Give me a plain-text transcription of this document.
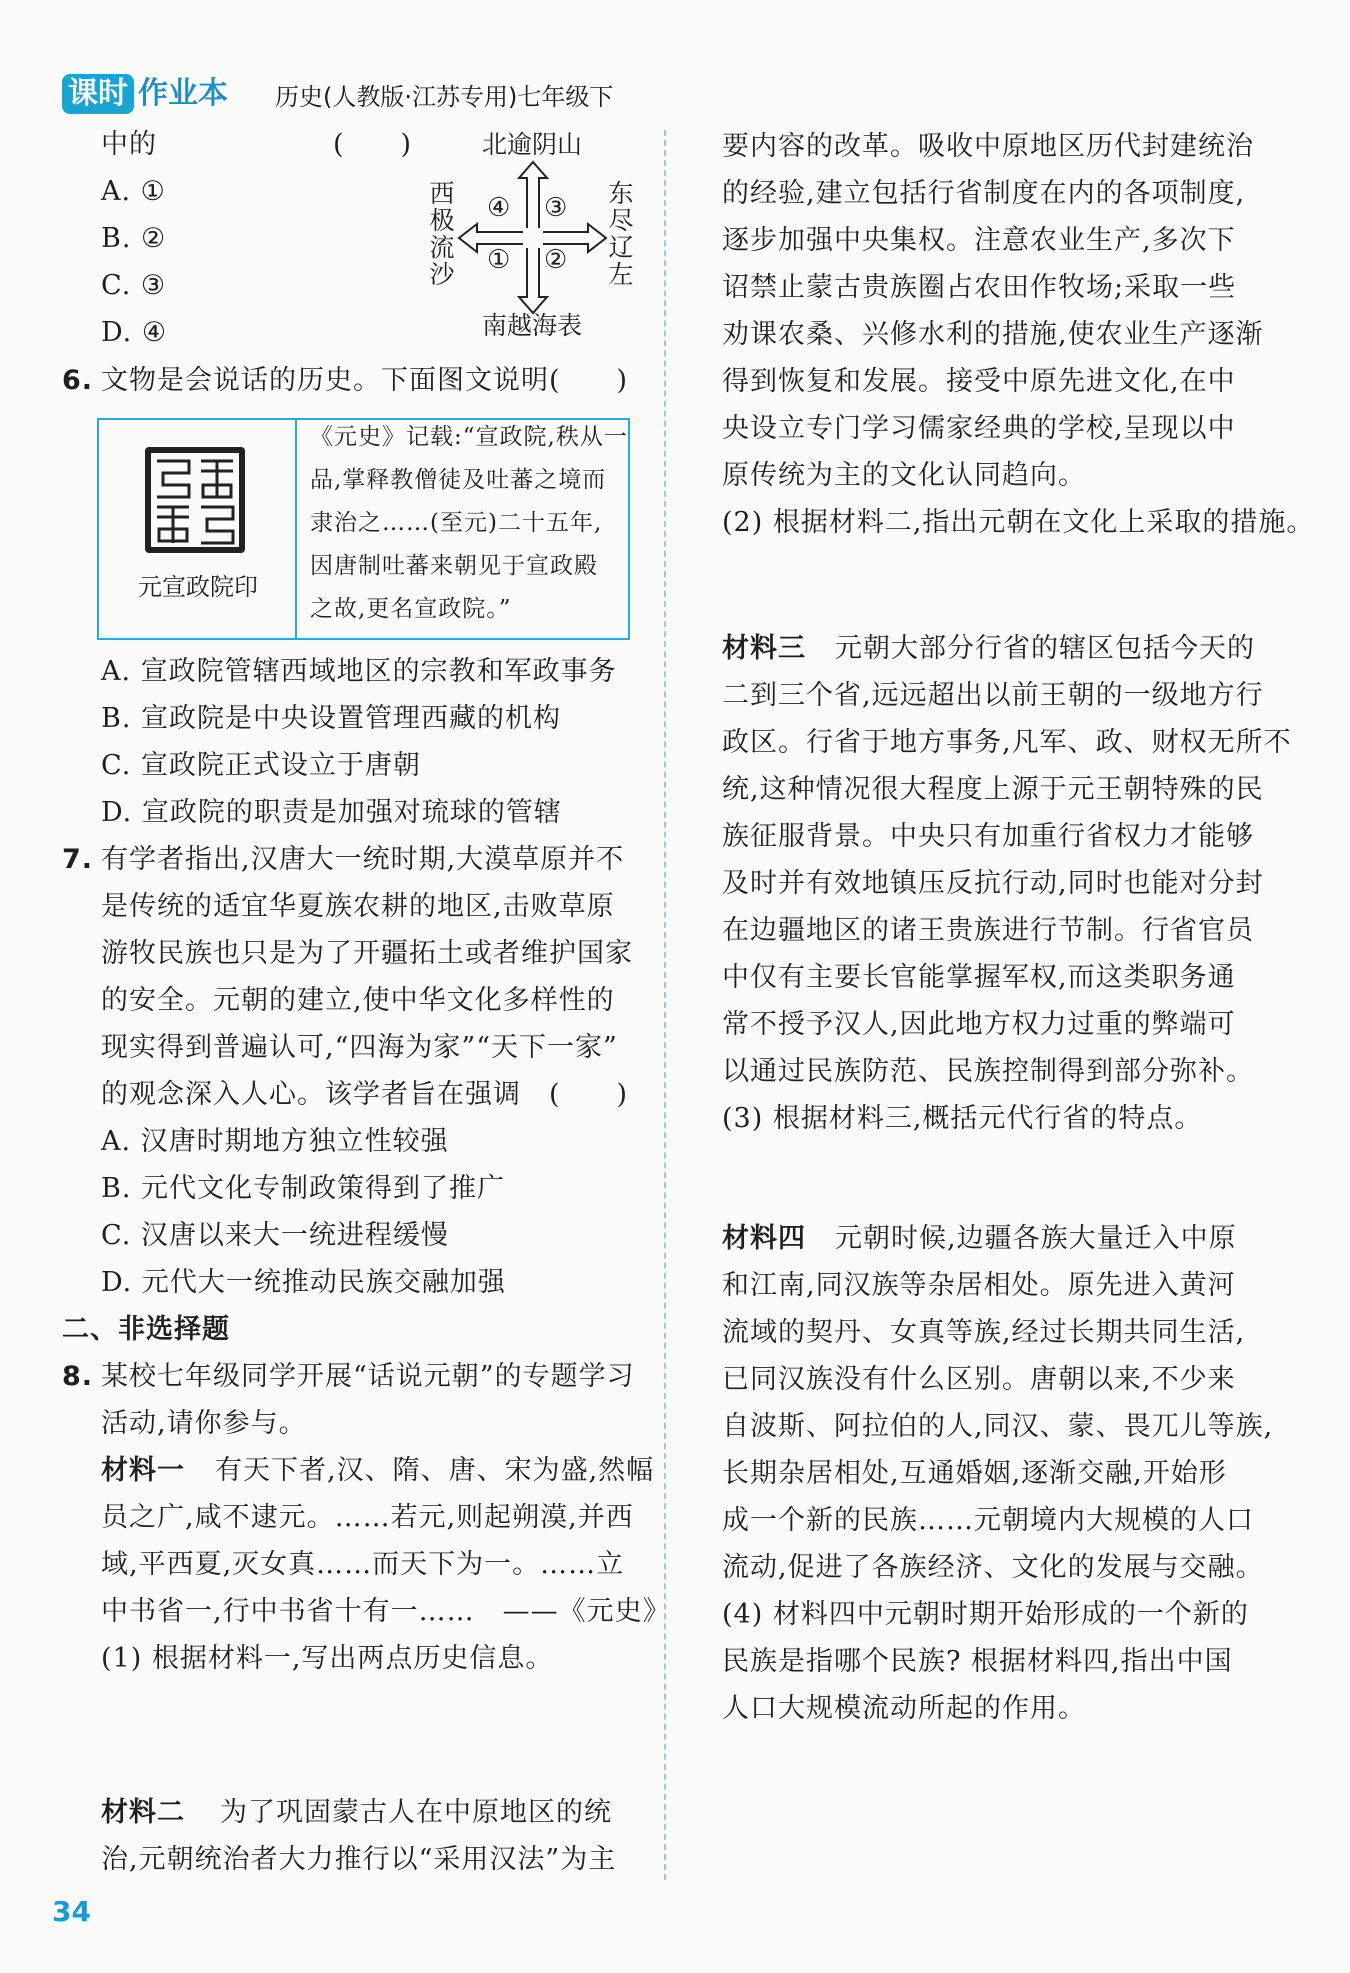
课时 作业本	历史(人教版·江苏专用)七年级下
中的	(　　)
A. ①
B. ②
C. ③
D. ④
北逾阴山
南越海表
西
极
流
沙
东
尽
辽
左
④ ③
① ②
6. 文物是会说话的历史。下面图文说明(　　)
元宣政院印
《元史》记载:“宣政院,秩从一
品,掌释教僧徒及吐蕃之境而
隶治之……(至元)二十五年,
因唐制吐蕃来朝见于宣政殿
之故,更名宣政院。”
A. 宣政院管辖西域地区的宗教和军政事务
B. 宣政院是中央设置管理西藏的机构
C. 宣政院正式设立于唐朝
D. 宣政院的职责是加强对琉球的管辖
7. 有学者指出,汉唐大一统时期,大漠草原并不
是传统的适宜华夏族农耕的地区,击败草原
游牧民族也只是为了开疆拓土或者维护国家
的安全。元朝的建立,使中华文化多样性的
现实得到普遍认可,“四海为家”“天下一家”
的观念深入人心。该学者旨在强调　(　　)
A. 汉唐时期地方独立性较强
B. 元代文化专制政策得到了推广
C. 汉唐以来大一统进程缓慢
D. 元代大一统推动民族交融加强
二、非选择题
8. 某校七年级同学开展“话说元朝”的专题学习
活动,请你参与。
材料一 有天下者,汉、隋、唐、宋为盛,然幅
员之广,咸不逮元。……若元,则起朔漠,并西
域,平西夏,灭女真……而天下为一。……立
中书省一,行中书省十有一……　——《元史》
(1) 根据材料一,写出两点历史信息。
材料二 为了巩固蒙古人在中原地区的统
治,元朝统治者大力推行以“采用汉法”为主
34
要内容的改革。吸收中原地区历代封建统治
的经验,建立包括行省制度在内的各项制度,
逐步加强中央集权。注意农业生产,多次下
诏禁止蒙古贵族圈占农田作牧场;采取一些
劝课农桑、兴修水利的措施,使农业生产逐渐
得到恢复和发展。接受中原先进文化,在中
央设立专门学习儒家经典的学校,呈现以中
原传统为主的文化认同趋向。
(2) 根据材料二,指出元朝在文化上采取的措施。
材料三 元朝大部分行省的辖区包括今天的
二到三个省,远远超出以前王朝的一级地方行
政区。行省于地方事务,凡军、政、财权无所不
统,这种情况很大程度上源于元王朝特殊的民
族征服背景。中央只有加重行省权力才能够
及时并有效地镇压反抗行动,同时也能对分封
在边疆地区的诸王贵族进行节制。行省官员
中仅有主要长官能掌握军权,而这类职务通
常不授予汉人,因此地方权力过重的弊端可
以通过民族防范、民族控制得到部分弥补。
(3) 根据材料三,概括元代行省的特点。
材料四 元朝时候,边疆各族大量迁入中原
和江南,同汉族等杂居相处。原先进入黄河
流域的契丹、女真等族,经过长期共同生活,
已同汉族没有什么区别。唐朝以来,不少来
自波斯、阿拉伯的人,同汉、蒙、畏兀儿等族,
长期杂居相处,互通婚姻,逐渐交融,开始形
成一个新的民族……元朝境内大规模的人口
流动,促进了各族经济、文化的发展与交融。
(4) 材料四中元朝时期开始形成的一个新的
民族是指哪个民族? 根据材料四,指出中国
人口大规模流动所起的作用。
